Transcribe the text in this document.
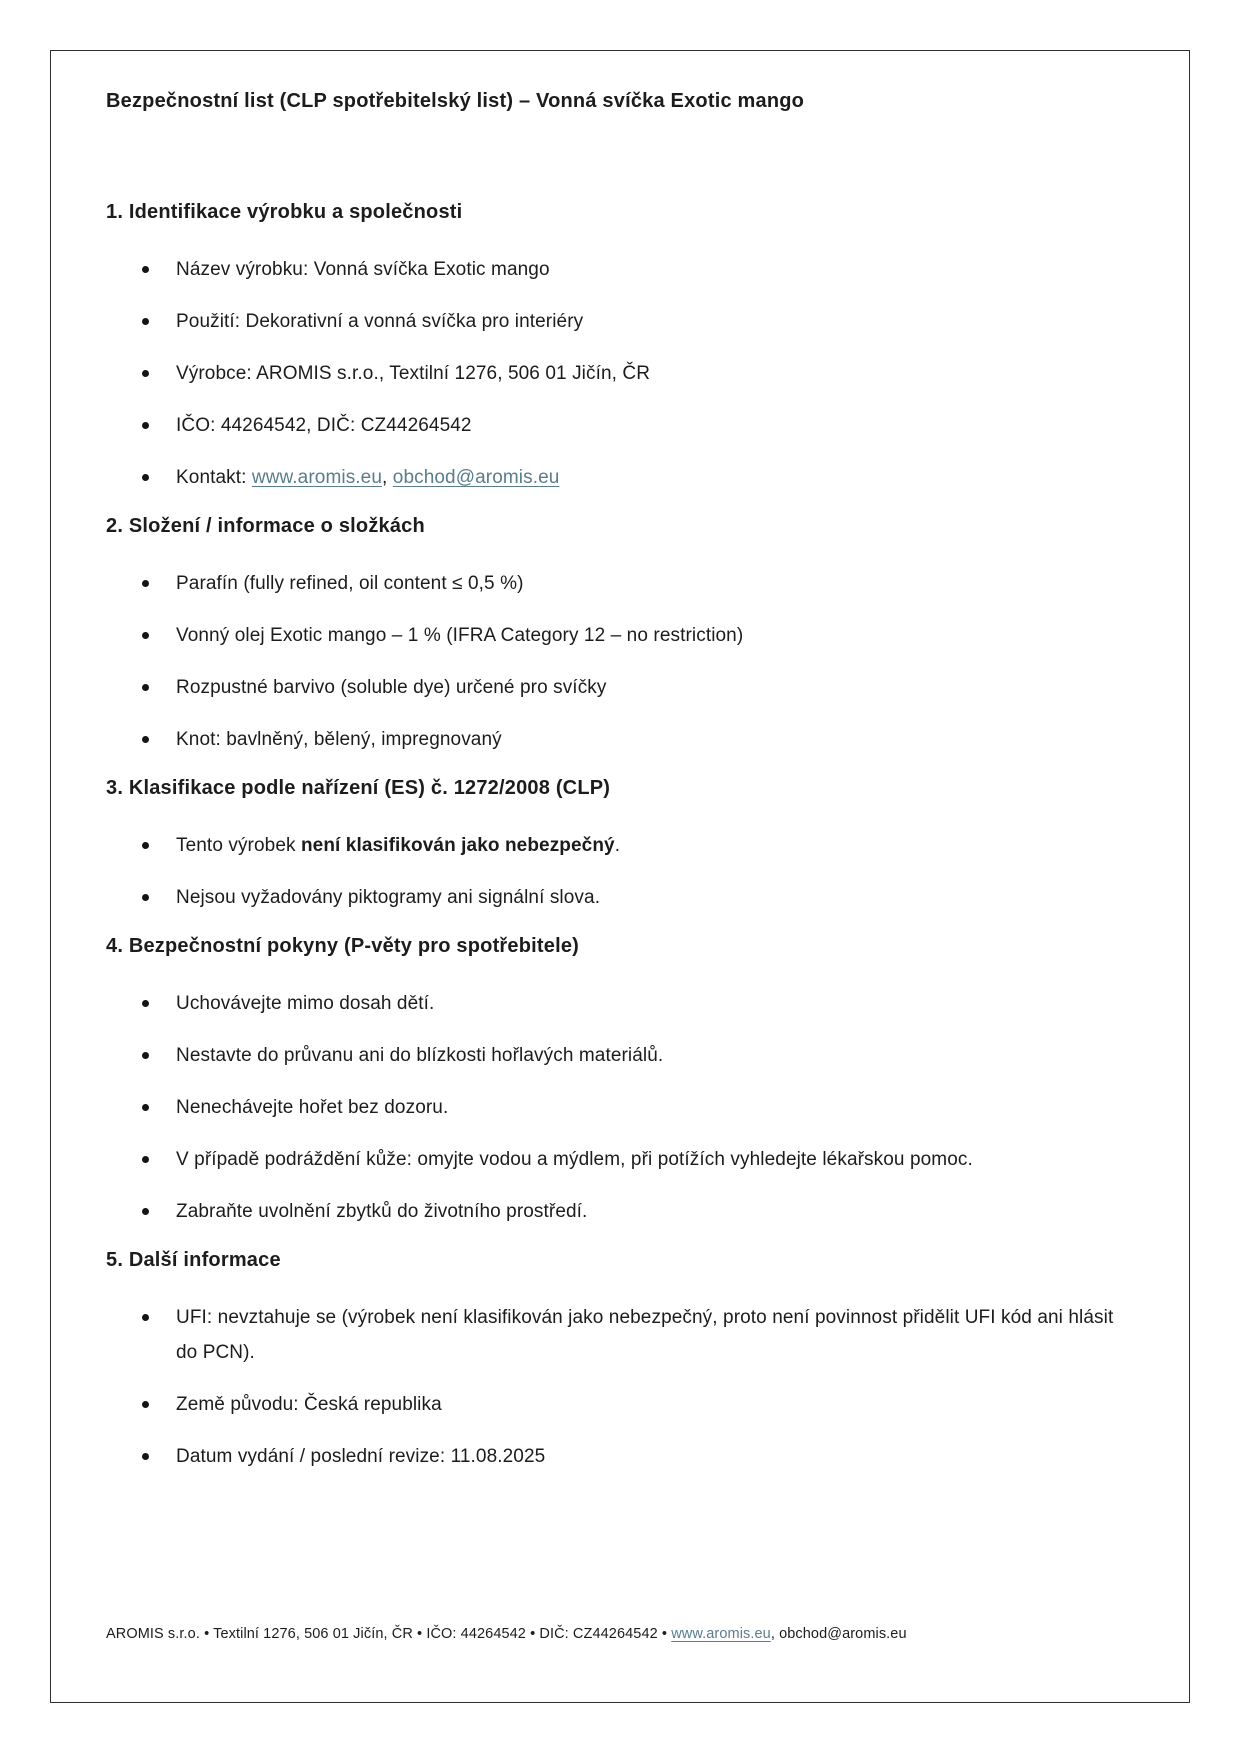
Bezpečnostní list (CLP spotřebitelský list) – Vonná svíčka Exotic mango

1. Identifikace výrobku a společnosti
Název výrobku: Vonná svíčka Exotic mango
Použití: Dekorativní a vonná svíčka pro interiéry
Výrobce: AROMIS s.r.o., Textilní 1276, 506 01 Jičín, ČR
IČO: 44264542, DIČ: CZ44264542
Kontakt: www.aromis.eu, obchod@aromis.eu
2. Složení / informace o složkách
Parafín (fully refined, oil content ≤ 0,5 %)
Vonný olej Exotic mango – 1 % (IFRA Category 12 – no restriction)
Rozpustné barvivo (soluble dye) určené pro svíčky
Knot: bavlněný, bělený, impregnovaný
3. Klasifikace podle nařízení (ES) č. 1272/2008 (CLP)
Tento výrobek není klasifikován jako nebezpečný.
Nejsou vyžadovány piktogramy ani signální slova.
4. Bezpečnostní pokyny (P-věty pro spotřebitele)
Uchovávejte mimo dosah dětí.
Nestavte do průvanu ani do blízkosti hořlavých materiálů.
Nenechávejte hořet bez dozoru.
V případě podráždění kůže: omyjte vodou a mýdlem, při potížích vyhledejte lékařskou pomoc.
Zabraňte uvolnění zbytků do životního prostředí.
5. Další informace
UFI: nevztahuje se (výrobek není klasifikován jako nebezpečný, proto není povinnost přidělit UFI kód ani hlásit do PCN).
Země původu: Česká republika
Datum vydání / poslední revize: 11.08.2025
AROMIS s.r.o. • Textilní 1276, 506 01 Jičín, ČR • IČO: 44264542 • DIČ: CZ44264542 • www.aromis.eu, obchod@aromis.eu
